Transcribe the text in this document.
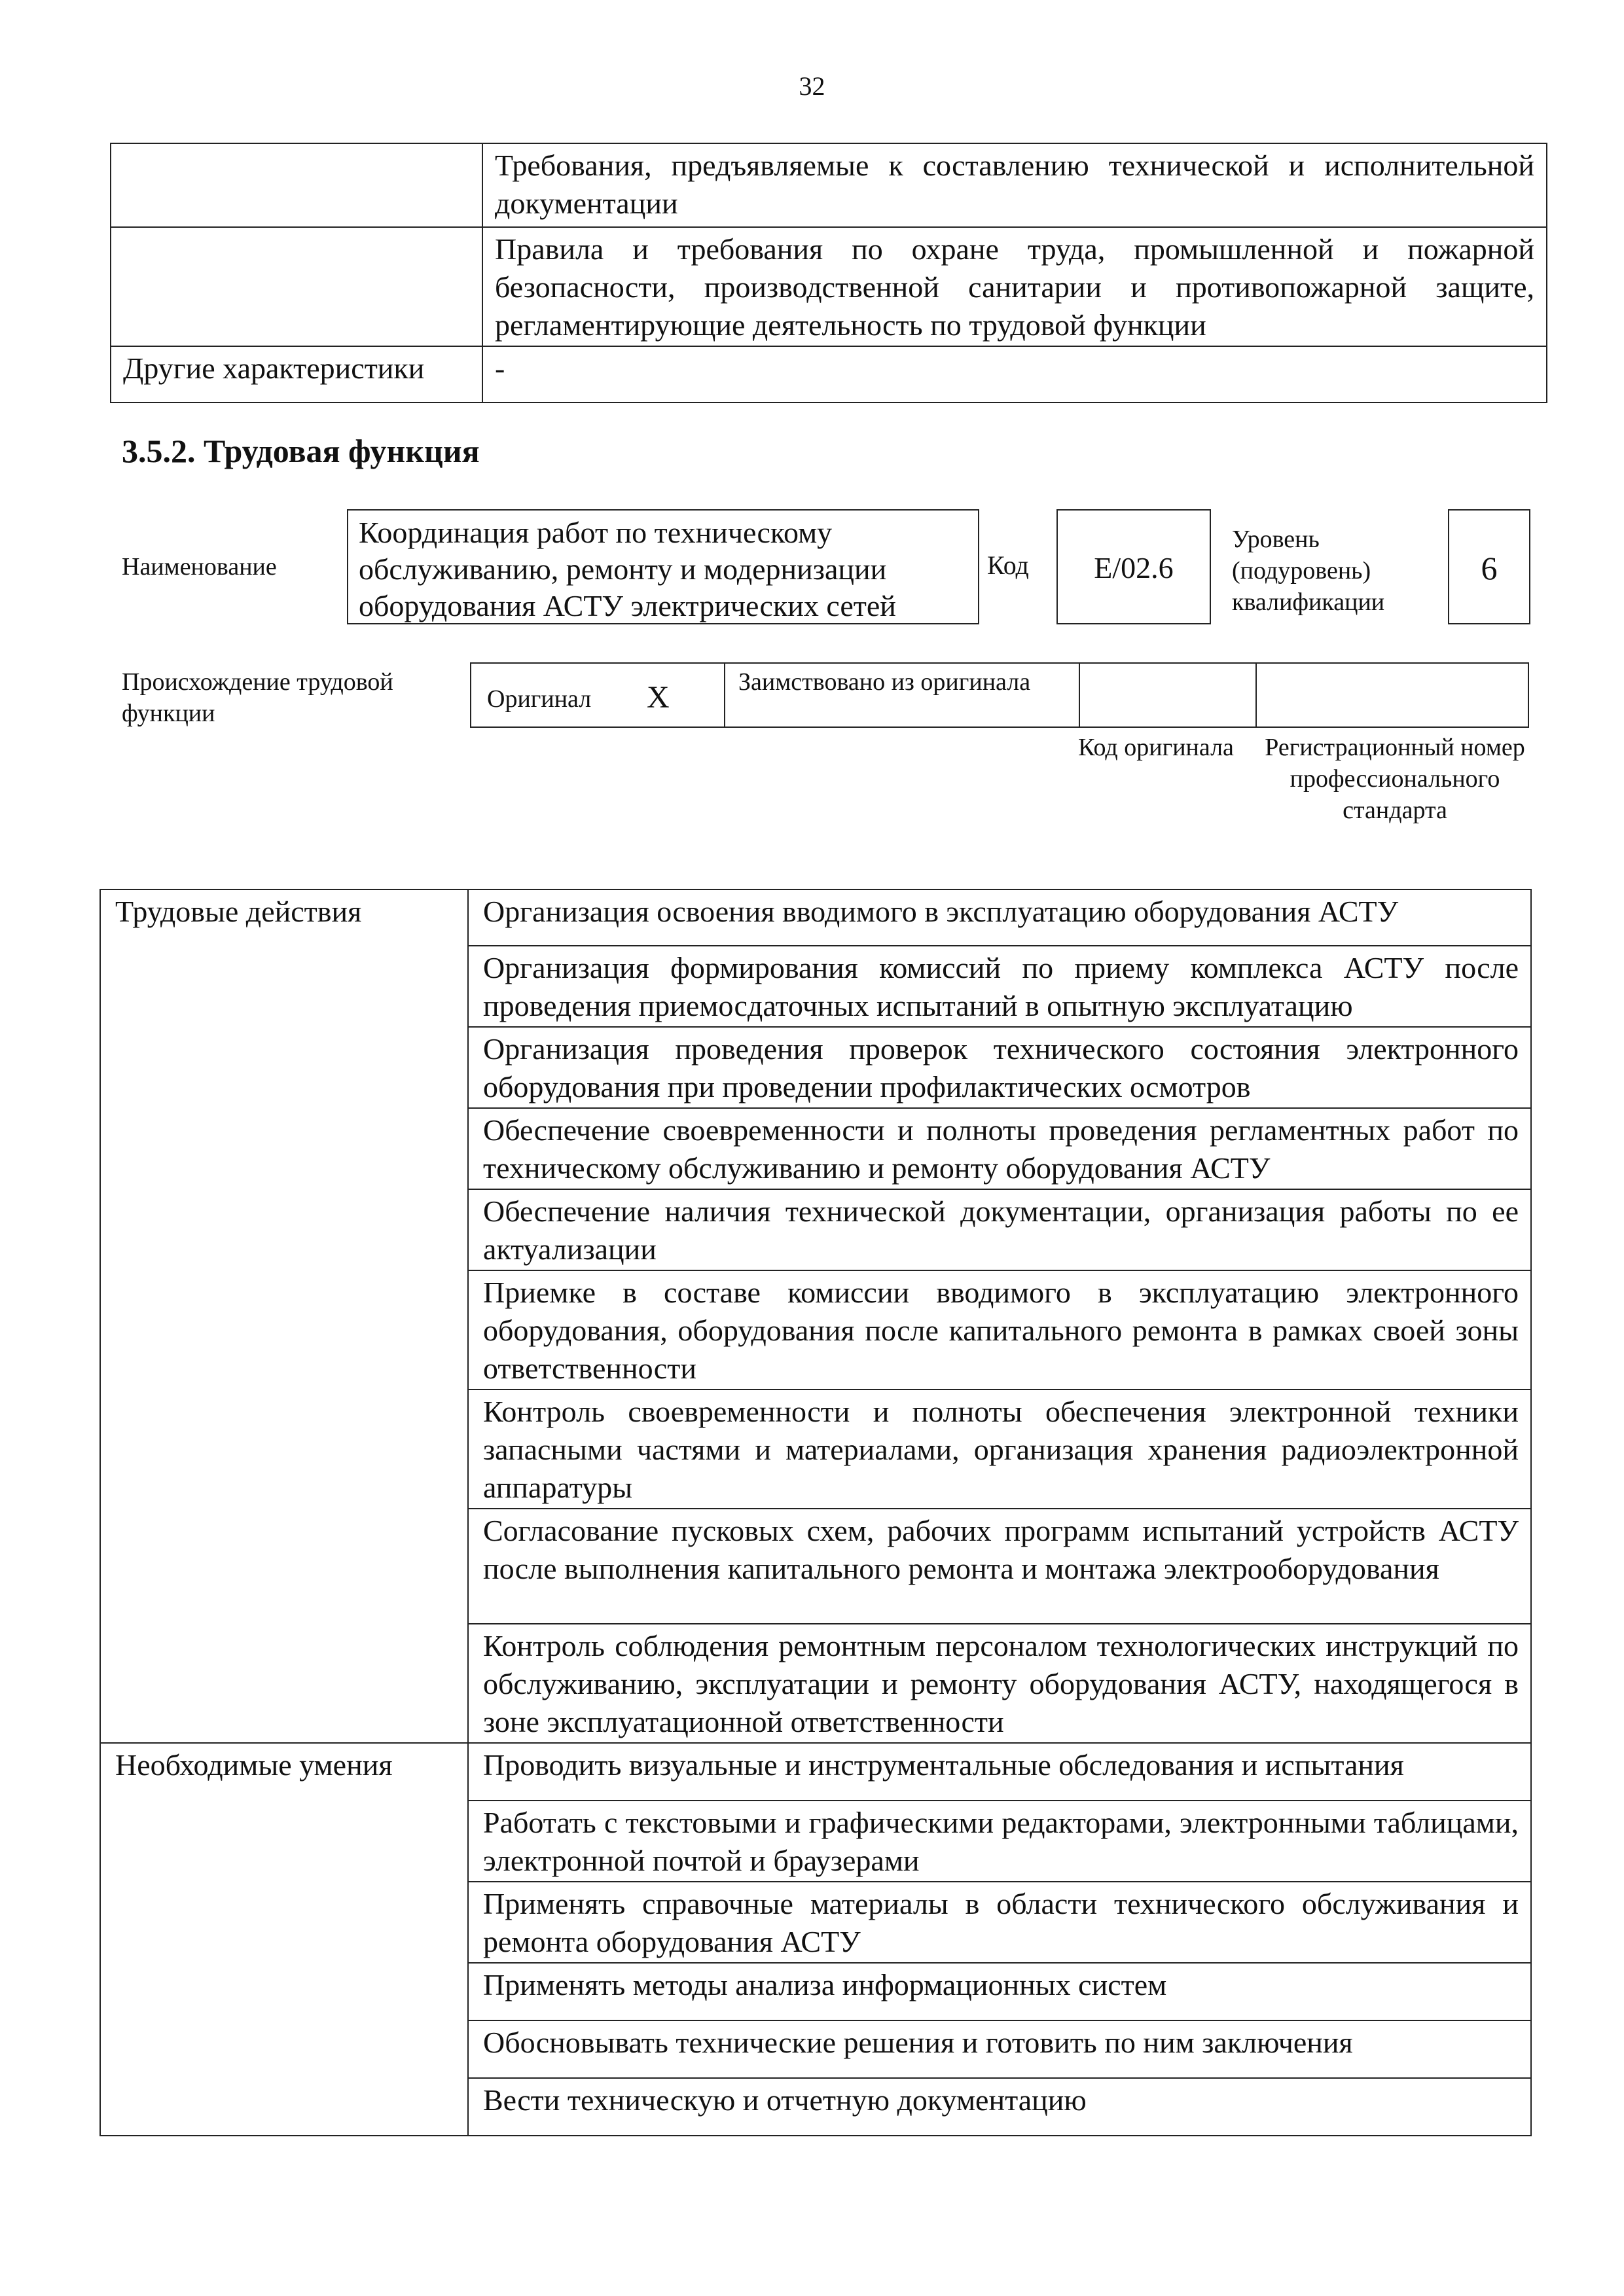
32
	Требования, предъявляемые к составлению технической и исполнительной документации
	Правила и требования по охране труда, промышленной и пожарной безопасности, производственной санитарии и противопожарной защите, регламентирующие деятельность по трудовой функции
Другие характеристики	-
3.5.2. Трудовая функция
Наименование
Координация работ по техническому обслуживанию, ремонту и модернизации оборудования АСТУ электрических сетей
Код	E/02.6
Уровень (подуровень) квалификации
6
Происхождение трудовой функции
Оригинал X	Заимствовано из оригинала
Код оригинала Регистрационный номер профессионального стандарта
Трудовые действия	Организация освоения вводимого в эксплуатацию оборудования АСТУ
	Организация формирования комиссий по приему комплекса АСТУ после проведения приемосдаточных испытаний в опытную эксплуатацию
	Организация проведения проверок технического состояния электронного оборудования при проведении профилактических осмотров
	Обеспечение своевременности и полноты проведения регламентных работ по техническому обслуживанию и ремонту оборудования АСТУ
	Обеспечение наличия технической документации, организация работы по ее актуализации
	Приемке в составе комиссии вводимого в эксплуатацию электронного оборудования, оборудования после капитального ремонта в рамках своей зоны ответственности
	Контроль своевременности и полноты обеспечения электронной техники запасными частями и материалами, организация хранения радиоэлектронной аппаратуры
	Согласование пусковых схем, рабочих программ испытаний устройств АСТУ после выполнения капитального ремонта и монтажа электрооборудования
	Контроль соблюдения ремонтным персоналом технологических инструкций по обслуживанию, эксплуатации и ремонту оборудования АСТУ, находящегося в зоне эксплуатационной ответственности
Необходимые умения	Проводить визуальные и инструментальные обследования и испытания
	Работать с текстовыми и графическими редакторами, электронными таблицами, электронной почтой и браузерами
	Применять справочные материалы в области технического обслуживания и ремонта оборудования АСТУ
	Применять методы анализа информационных систем
	Обосновывать технические решения и готовить по ним заключения
	Вести техническую и отчетную документацию
